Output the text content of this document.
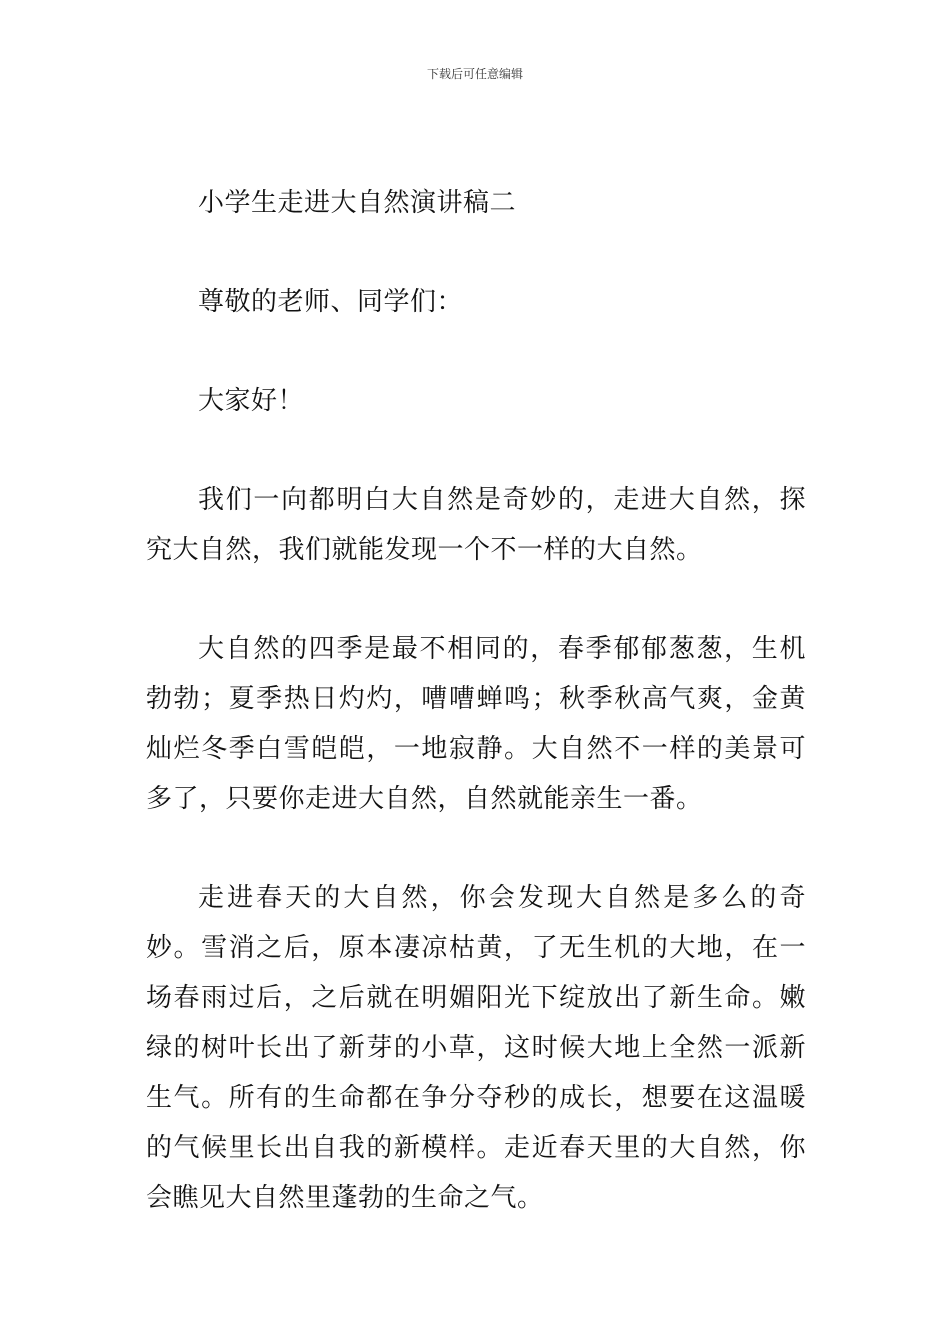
下载后可任意编辑

小学生走进大自然演讲稿二

尊敬的老师、同学们：

大家好！

我们一向都明白大自然是奇妙的，走进大自然，探究大自然，我们就能发现一个不一样的大自然。

大自然的四季是最不相同的，春季郁郁葱葱，生机勃勃；夏季热日灼灼，嘈嘈蝉鸣；秋季秋高气爽，金黄灿烂冬季白雪皑皑，一地寂静。大自然不一样的美景可多了，只要你走进大自然，自然就能亲生一番。

走进春天的大自然，你会发现大自然是多么的奇妙。雪消之后，原本凄凉枯黄，了无生机的大地，在一场春雨过后，之后就在明媚阳光下绽放出了新生命。嫩绿的树叶长出了新芽的小草，这时候大地上全然一派新生气。所有的生命都在争分夺秒的成长，想要在这温暖的气候里长出自我的新模样。走近春天里的大自然，你会瞧见大自然里蓬勃的生命之气。
